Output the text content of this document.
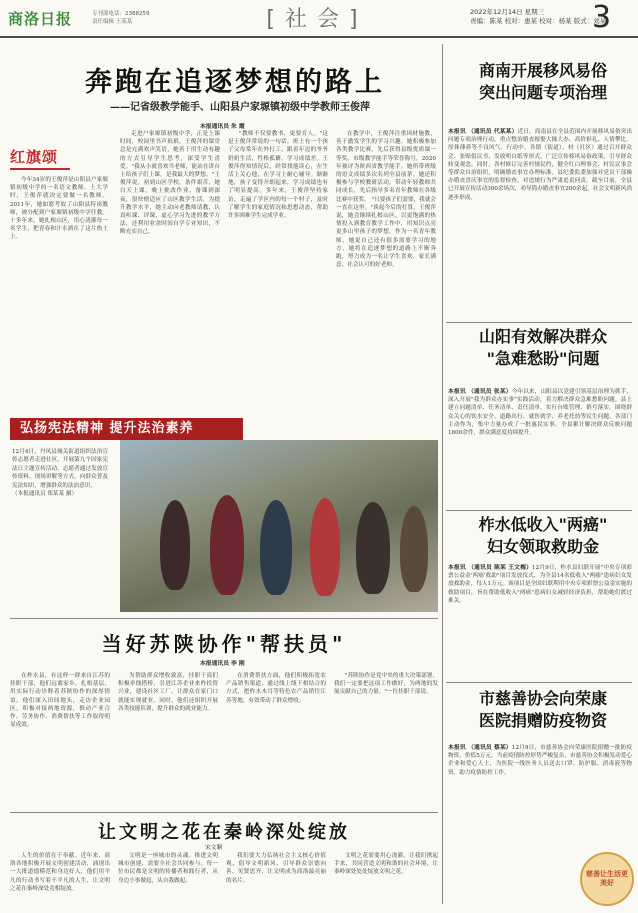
商洛日报	专刊部电话：2388259
责任编辑 王某某	[社会]	2022年12月14日 星期三
责编：陈某 校对：惠某 校对：杨某 版式：刘某
3
奔跑在追逐梦想的路上
——记省级教学能手、山阳县户家塬镇初级中学教师王俊萍
本报通讯员 朱 霞
红旗颂
今年34岁的王俊萍是山阳县户家塬镇初级中学的一名语文教师。上大学时，王俊萍就决定要做一名教师。2011年，她如愿考取了山阳县特岗教师，被分配到户家塬镇初级中学任教。十多年来，她扎根山区，用心浇灌每一名学生，把青春和汗水洒在了这片热土上。
走进户家塬镇初级中学，正是上课时间，校园里书声琅琅。王俊萍的课堂总是充满欢声笑语，她善于用生动有趣的方式引导学生思考，深受学生喜爱。"我从小就喜欢当老师，能站在讲台上给孩子们上课，是我最大的梦想。"王俊萍说。初到山区学校，条件艰苦，她白天上课，晚上批改作业、备课到深夜，很快便适应了山区教学生活。为提升教学水平，她主动向老教师请教，认真听课、评课，虚心学习先进的教学方法，还利用业余时间自学专业知识，不断充实自己。
"教师不仅要教书，更要育人。"这是王俊萍常说的一句话。班上有一个孩子父母常年在外打工，跟着年迈的爷爷奶奶生活，性格孤僻，学习成绩差。王俊萍得知情况后，经常找他谈心，在生活上关心他，在学习上耐心辅导。渐渐地，孩子变得开朗起来，学习成绩也有了明显提高。多年来，王俊萍坚持家访，走遍了学区内的每一个村子，及时了解学生的家庭情况和思想动态，帮助许多困难学生完成学业。
在教学中，王俊萍注重因材施教，善于激发学生的学习兴趣。她积极参加各类教学比赛，先后获得县级优质课一等奖、市级教学能手等荣誉称号，2020年被评为陕西省教学能手。她所带班级的语文成绩多次名列全县前茅。她还积极参与学校教研活动，带动年轻教师共同成长，先后指导多名青年教师在各级比赛中获奖。 "只要孩子们需要，我就会一直在这里。"谈起今后的打算，王俊萍说，她会继续扎根山区，以更饱满的热情投入到教育教学工作中，用知识点亮更多山里孩子的梦想。作为一名青年教师，她说自己还有很多需要学习的地方，她将在追逐梦想的道路上不断奔跑，努力成为一名让学生喜欢、家长满意、社会认可的好老师。
商南开展移风易俗
突出问题专项治理
本报讯 （通讯员 代某某）近日，商南县在全县范围内开展移风易俗突出问题专项治理行动，重点整治婚丧嫁娶大操大办、高价彩礼、人情攀比、厚葬薄养等不良风气。行动中，各镇（街道）、村（社区）通过召开群众会、张贴倡议书、发放明白纸等形式，广泛宣传移风易俗政策，引导群众转变观念。同时，各村修订完善村规民约，健全红白理事会、村民议事会等群众自治组织，明确婚丧事宜办理标准。县纪委监委加强对党员干部操办婚丧喜庆事宜的监督检查，对违规行为严肃追责问责。截至目前，全县已开展宣传活动300余场次，劝导简办婚丧事宜200余起，社会文明新风尚逐步形成。
山阳有效解决群众
"急难愁盼"问题
本报讯 （通讯员 张某）今年以来，山阳县以党建引领基层治理为抓手，深入开展"我为群众办实事"实践活动，着力解决群众急难愁盼问题。县上建立问题清单、任务清单、责任清单，实行台账管理、销号落实。围绕群众关心的饮水安全、道路出行、就医就学、养老托幼等民生问题，各部门主动作为，集中力量办成了一批惠民实事。全县累计解决群众反映问题1800余件，群众满意度持续提升。
柞水低收入"两癌"
妇女领取救助金
本报讯 （通讯员 陈某 王文梅）12月9日，柞水县妇联开展"中央专项彩票公益金'两癌'救助"项目发放仪式，为全县14名低收入"两癌"患病妇女发放救助金，每人1万元。该项目是全国妇联利用中央专项彩票公益金实施的救助项目，旨在帮助低收入"两癌"患病妇女减轻经济负担，帮助她们渡过难关。
市慈善协会向荣康
医院捐赠防疫物资
本报讯 （通讯员 蔡某）12月9日，市慈善协会向荣康医院捐赠一批防疫物资，价值5万元。当前疫情防控形势严峻复杂，市慈善协会积极发动爱心企业和爱心人士，为医院一线医务人员送去口罩、防护服、消毒液等物资，助力疫情防控工作。
慈善让生活更美好
弘扬宪法精神 提升法治素养
12月4日，丹凤县城关街道组织法治宣传志愿者走进社区，开展第九个国家宪法日主题宣传活动。志愿者通过发放宣传资料、现场讲解等方式，向群众普及宪法知识，增强群众的法治意识。
（本报通讯员 郑某某 摄）
当好苏陕协作"帮扶员"
本报通讯员 李 刚
在柞水县，有这样一群来自江苏的挂职干部，他们远离家乡，扎根基层，用实际行动诠释着苏陕协作的深厚情谊。他们深入田间地头，走访企业园区，积极对接两地资源，推动产业合作、劳务协作、消费帮扶等工作取得明显成效。
为帮助群众增收致富，挂职干部们积极牵线搭桥，引进江苏企业来柞投资兴业，建设社区工厂，让群众在家门口就能实现就业。同时，他们还组织开展各类技能培训，提升群众的就业能力。
在消费帮扶方面，他们积极拓宽农产品销售渠道，通过线上线下相结合的方式，把柞水木耳等特色农产品销往江苏等地，有效带动了群众增收。
"苏陕协作是党中央的重大决策部署，我们一定要把这项工作做好，为两地的发展贡献自己的力量。"一位挂职干部说。
让文明之花在秦岭深处绽放
宋文颖
人生的价值在于奉献。近年来，商洛各地积极开展文明创建活动，涌现出一大批道德模范和身边好人，他们用平凡的行动书写着不平凡的人生，让文明之花在秦岭深处竞相绽放。
文明是一座城市的灵魂。推进文明城市创建，需要全社会共同参与。每一位市民都是文明的传播者和践行者，从身边小事做起，从自我做起。
我们要大力弘扬社会主义核心价值观，倡导文明新风，引导群众崇德向善、见贤思齐，让文明成为商洛最亮丽的名片。
文明之花需要用心浇灌。让我们携起手来，共同营造文明和谐的社会环境，让秦岭深处处处绽放文明之花。
